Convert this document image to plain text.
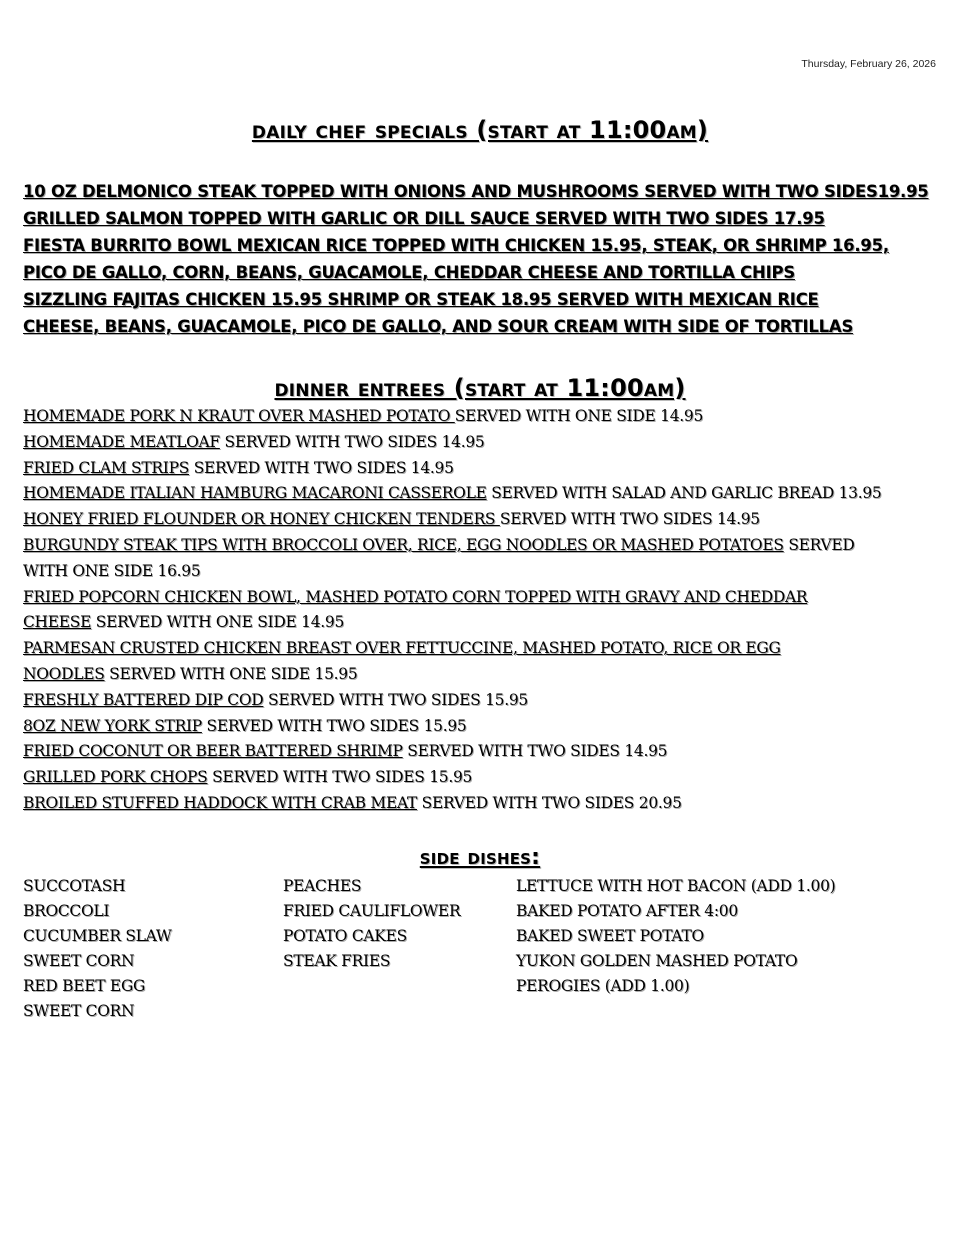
Thursday, February 26, 2026
daily chef specials (start at 11:00am)
10 OZ DELMONICO STEAK TOPPED WITH ONIONS AND MUSHROOMS SERVED WITH TWO SIDES19.95
GRILLED SALMON TOPPED WITH GARLIC OR DILL SAUCE SERVED WITH TWO SIDES 17.95
FIESTA BURRITO BOWL MEXICAN RICE TOPPED WITH CHICKEN 15.95, STEAK, OR SHRIMP 16.95,
PICO DE GALLO, CORN, BEANS, GUACAMOLE, CHEDDAR CHEESE AND TORTILLA CHIPS
SIZZLING FAJITAS CHICKEN 15.95 SHRIMP OR STEAK 18.95 SERVED WITH MEXICAN RICE
CHEESE, BEANS, GUACAMOLE, PICO DE GALLO, AND SOUR CREAM WITH SIDE OF TORTILLAS
dinner entrees (start at 11:00am)
HOMEMADE PORK N KRAUT OVER MASHED POTATO SERVED WITH ONE SIDE 14.95
HOMEMADE MEATLOAF SERVED WITH TWO SIDES 14.95
FRIED CLAM STRIPS SERVED WITH TWO SIDES 14.95
HOMEMADE ITALIAN HAMBURG MACARONI CASSEROLE SERVED WITH SALAD AND GARLIC BREAD 13.95
HONEY FRIED FLOUNDER OR HONEY CHICKEN TENDERS SERVED WITH TWO SIDES 14.95
BURGUNDY STEAK TIPS WITH BROCCOLI OVER, RICE, EGG NOODLES OR MASHED POTATOES SERVED
WITH ONE SIDE 16.95
FRIED POPCORN CHICKEN BOWL, MASHED POTATO CORN TOPPED WITH GRAVY AND CHEDDAR
CHEESE SERVED WITH ONE SIDE 14.95
PARMESAN CRUSTED CHICKEN BREAST OVER FETTUCCINE, MASHED POTATO, RICE OR EGG
NOODLES SERVED WITH ONE SIDE 15.95
FRESHLY BATTERED DIP COD SERVED WITH TWO SIDES 15.95
8OZ NEW YORK STRIP SERVED WITH TWO SIDES 15.95
FRIED COCONUT OR BEER BATTERED SHRIMP SERVED WITH TWO SIDES 14.95
GRILLED PORK CHOPS SERVED WITH TWO SIDES 15.95
BROILED STUFFED HADDOCK WITH CRAB MEAT SERVED WITH TWO SIDES 20.95
side dishes:
SUCCOTASH
BROCCOLI
CUCUMBER SLAW
SWEET CORN
RED BEET EGG
SWEET CORN
PEACHES
FRIED CAULIFLOWER
POTATO CAKES
STEAK FRIES
LETTUCE WITH HOT BACON (ADD 1.00)
BAKED POTATO AFTER 4:00
BAKED SWEET POTATO
YUKON GOLDEN MASHED POTATO
PEROGIES (ADD 1.00)
